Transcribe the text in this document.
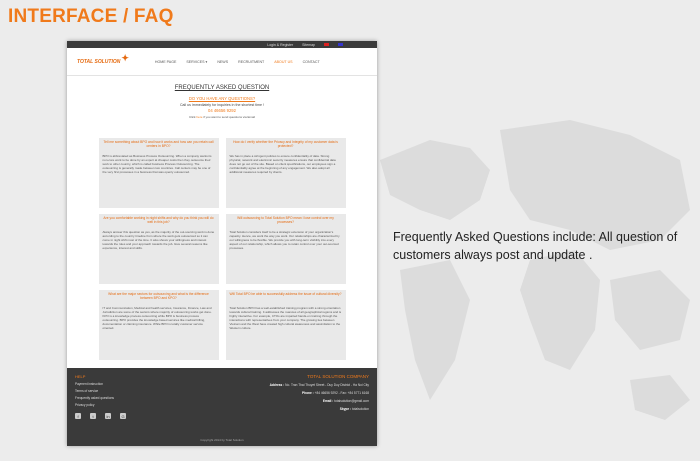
INTERFACE / FAQ
Frequently Asked Questions include: All question of customers always post and update .
Login & Register	Sitemap
TOTAL SOLUTION ✦	HOME PAGE	SERVICES ▾	NEWS	RECRUITMENT	ABOUT US	CONTACT
FREQUENTLY ASKED QUESTION
DO YOU HAVE ANY QUESTIONS?

Call us immediately for inquiries in the shortest time !

04 46656 9292

Click here if you want to send questions via Email

Tell me something about BPO and how it works and how can you retain call centers in BPO?
BPO is abbreviated as Business Process Outsourcing. When a company wants its non-core work to be done by an expert at cheaper costs then they outsource their work to other country, which is called business Process Outsourcing. The outsourcing is generally made between two countries. Call centers may be one of the very first processes in a business that was openly outsourced.
How do I verify whether the Privacy and Integrity of my customer data is protected?
We has in place a stringent policies to ensure confidentiality of data. Strong physical, network and electronic security measures ensure that confidential data does not go out of the site. Based on client specifications, our employees sign a confidentiality agree at the beginning of any engagement. We also adopt all additional measures required by clients.
Are you comfortable working in night shifts and why do you think you will do well in this job?
Always answer this question as yes, as the majority of the out-sourcing work is done according to the country timeline from where the work gets outsourced so it can come in night shift most of the time. It also shows your willingness and interest towards the roles and your approach towards the job. Give several reasons like experience, interest and skills.
Will outsourcing to Total Solution BPO mean I lose control over my processes?
Total Solution considers itself to be a strategic extension of your organization's capacity. Hence, we work the way you work. Our relationships are characterized by our willingness to be flexible. We provide you with long-term visibility into every aspect of our relationship, which allows you to retain control over your out-sourced processes.
What are the major sectors for outsourcing and what is the difference between BPO and KPO?
IT and Communication, Medical and health services, Insurance, Finance, Law and Jurisdiction are some of the sectors where majority of outsourcing works get done. KPO is a knowledge process outsourcing while BPO is business process outsourcing. BPO provides the knowledge based services like medical billing, documentation or claiming insurance. While BPO is totally customer service oriented.
Will Total BPO be able to successfully address the issue of cultural diversity?
Total Solution BPO has a well-established training program with a strong orientation towards cultural training. It addresses the nuances of all geographical regions and is highly interactive. For example, CTOs are imparted hands-on training through the interactions with representatives from your company. The growing ties between Vietnam and the West have created high cultural awareness and assimilation to the Western culture.
HELP
Payment instruction
Terms of service
Frequently asked questions
Privacy policy
f	t	in	G
TOTAL SOLUTION COMPANY
Address : No. Tran Thai Thuyet Street - Duy Duy District - Ha Noi City
Phone : +84 46656 9292 - Fax: +84 5771 6168
Email : totalsolution@gmail.com
Skype : totalsolution
Copyright 2014 by Total Solution
